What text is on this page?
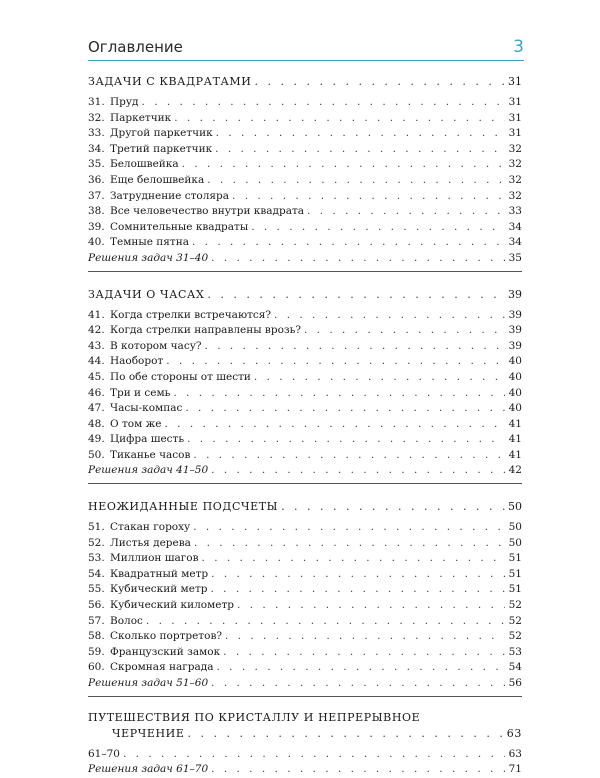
Оглавление	3
ЗАДАЧИ С КВАДРАТАМИ . . .	31
31. Пруд . . .	31
32. Паркетчик . . .	31
33. Другой паркетчик . . .	31
34. Третий паркетчик . . .	32
35. Белошвейка . . .	32
36. Еще белошвейка . . .	32
37. Затруднение столяра . . .	32
38. Все человечество внутри квадрата . . .	33
39. Сомнительные квадраты . . .	34
40. Темные пятна . . .	34
Решения задач 31–40 . . .	35
ЗАДАЧИ О ЧАСАХ . . .	39
41. Когда стрелки встречаются? . . .	39
42. Когда стрелки направлены врозь? . . .	39
43. В котором часу? . . .	39
44. Наоборот . . .	40
45. По обе стороны от шести . . .	40
46. Три и семь . . .	40
47. Часы-компас . . .	40
48. О том же . . .	41
49. Цифра шесть . . .	41
50. Тиканье часов . . .	41
Решения задач 41–50 . . .	42
НЕОЖИДАННЫЕ ПОДСЧЕТЫ . . .	50
51. Стакан гороху . . .	50
52. Листья дерева . . .	50
53. Миллион шагов . . .	51
54. Квадратный метр . . .	51
55. Кубический метр . . .	51
56. Кубический километр . . .	52
57. Волос . . .	52
58. Сколько портретов? . . .	52
59. Французский замок . . .	53
60. Скромная награда . . .	54
Решения задач 51–60 . . .	56
ПУТЕШЕСТВИЯ ПО КРИСТАЛЛУ И НЕПРЕРЫВНОЕ
ЧЕРЧЕНИЕ . . .	63
61–70 . . .	63
Решения задач 61–70 . . .	71
